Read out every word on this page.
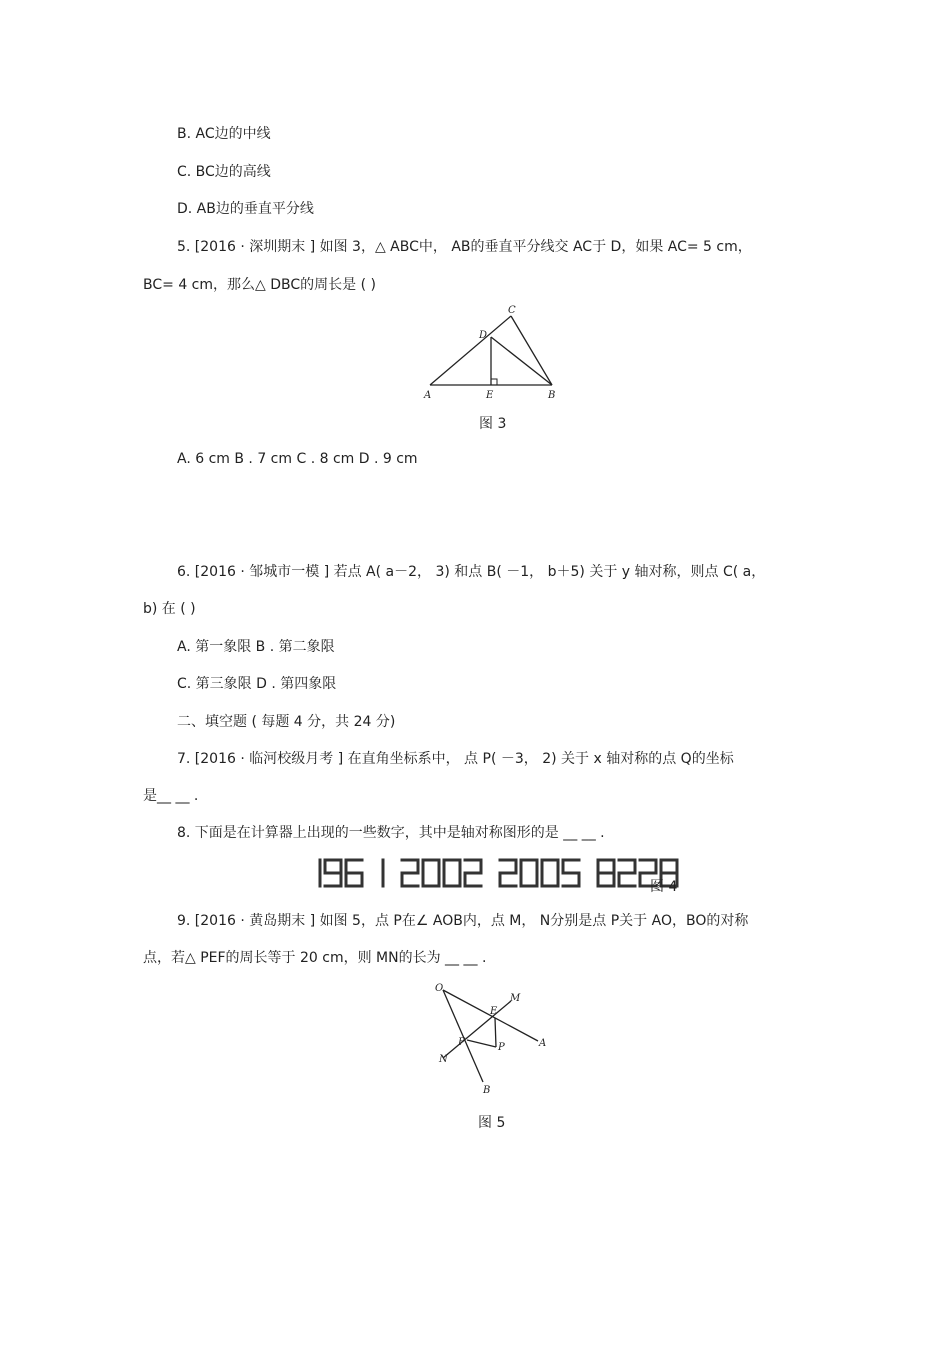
B. AC边的中线
C. BC边的高线
D. AB边的垂直平分线
5. [2016 · 深圳期末 ] 如图 3，△ ABC中， AB的垂直平分线交 AC于 D，如果 AC= 5 cm，
BC= 4 cm，那么△ DBC的周长是 ( )
A	B
C
D
E
图 3
A. 6 cm B . 7 cm C . 8 cm D . 9 cm
6. [2016 · 邹城市一模 ] 若点 A( a－2， 3) 和点 B( －1， b＋5) 关于 y 轴对称，则点 C( a，
b) 在 ( )
A. 第一象限 B . 第二象限
C. 第三象限 D . 第四象限
二、填空题 ( 每题 4 分，共 24 分)
7. [2016 · 临河校级月考 ] 在直角坐标系中， 点 P( －3， 2) 关于 x 轴对称的点 Q的坐标
是__ __ .
8. 下面是在计算器上出现的一些数字，其中是轴对称图形的是 __ __ .
图 4
9. [2016 · 黄岛期末 ] 如图 5，点 P在∠ AOB内，点 M， N分别是点 P关于 AO，BO的对称
点，若△ PEF的周长等于 20 cm，则 MN的长为 __ __ .
O
M
E
A
F	P
N
B
图 5
